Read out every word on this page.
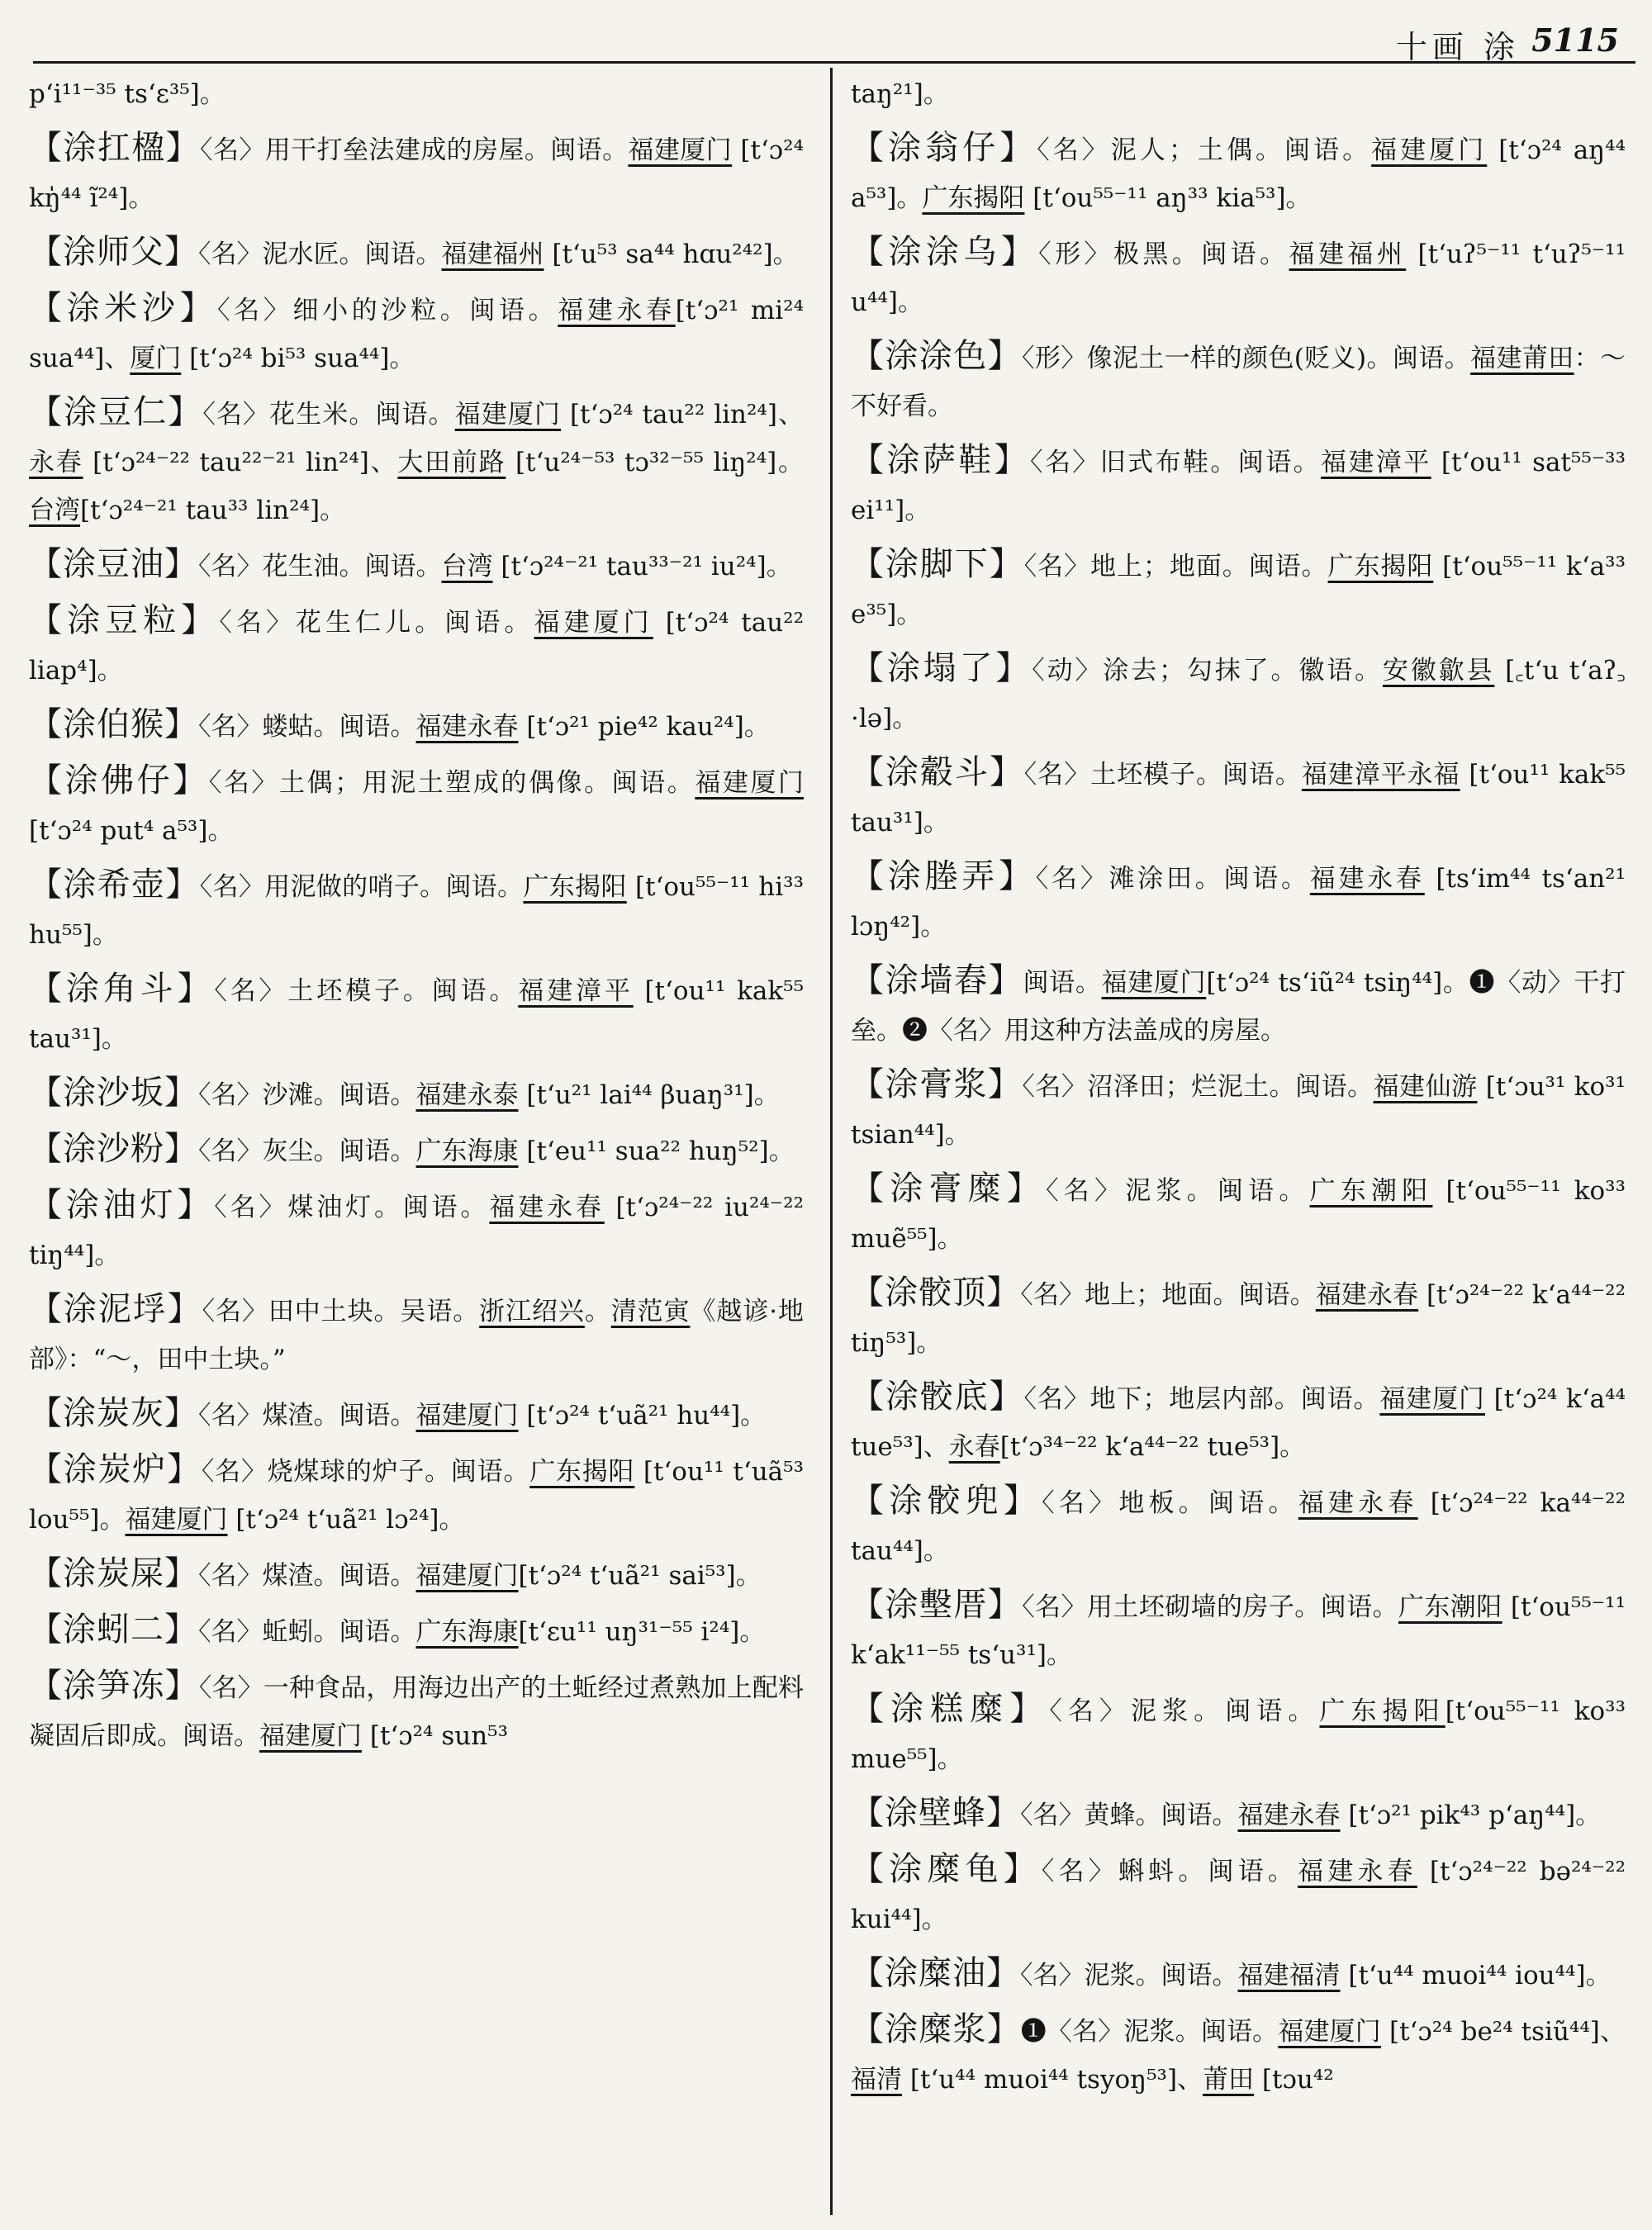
十画 涂 5115
p‘i¹¹⁻³⁵ ts‘ɛ³⁵]。
【涂扛楹】〈名〉用干打垒法建成的房屋。闽语。福建厦门 [t‘ɔ²⁴ kŋ̍⁴⁴ ĩ²⁴]。
【涂师父】〈名〉泥水匠。闽语。福建福州 [t‘u⁵³ sa⁴⁴ hɑu²⁴²]。
【涂米沙】〈名〉细小的沙粒。闽语。福建永春[t‘ɔ²¹ mi²⁴ sua⁴⁴]、厦门 [t‘ɔ²⁴ bi⁵³ sua⁴⁴]。
【涂豆仁】〈名〉花生米。闽语。福建厦门 [t‘ɔ²⁴ tau²² lin²⁴]、 永春 [t‘ɔ²⁴⁻²² tau²²⁻²¹ lin²⁴]、大田前路 [t‘u²⁴⁻⁵³ tɔ³²⁻⁵⁵ liŋ²⁴]。台湾[t‘ɔ²⁴⁻²¹ tau³³ lin²⁴]。
【涂豆油】〈名〉花生油。闽语。台湾 [t‘ɔ²⁴⁻²¹ tau³³⁻²¹ iu²⁴]。
【涂豆粒】〈名〉花生仁儿。闽语。福建厦门 [t‘ɔ²⁴ tau²² liap⁴]。
【涂伯猴】〈名〉蝼蛄。闽语。福建永春 [t‘ɔ²¹ pie⁴² kau²⁴]。
【涂佛仔】〈名〉土偶；用泥土塑成的偶像。闽语。福建厦门 [t‘ɔ²⁴ put⁴ a⁵³]。
【涂希壶】〈名〉用泥做的哨子。闽语。广东揭阳 [t‘ou⁵⁵⁻¹¹ hi³³ hu⁵⁵]。
【涂角斗】〈名〉土坯模子。闽语。福建漳平 [t‘ou¹¹ kak⁵⁵ tau³¹]。
【涂沙坂】〈名〉沙滩。闽语。福建永泰 [t‘u²¹ lai⁴⁴ βuaŋ³¹]。
【涂沙粉】〈名〉灰尘。闽语。广东海康 [t‘eu¹¹ sua²² huŋ⁵²]。
【涂油灯】〈名〉煤油灯。闽语。福建永春 [t‘ɔ²⁴⁻²² iu²⁴⁻²² tiŋ⁴⁴]。
【涂泥垺】〈名〉田中土块。吴语。浙江绍兴。清范寅《越谚·地部》：“～，田中土块。”
【涂炭灰】〈名〉煤渣。闽语。福建厦门 [t‘ɔ²⁴ t‘uã²¹ hu⁴⁴]。
【涂炭炉】〈名〉烧煤球的炉子。闽语。广东揭阳 [t‘ou¹¹ t‘uã⁵³ lou⁵⁵]。福建厦门 [t‘ɔ²⁴ t‘uã²¹ lɔ²⁴]。
【涂炭屎】〈名〉煤渣。闽语。福建厦门[t‘ɔ²⁴ t‘uã²¹ sai⁵³]。
【涂蚓二】〈名〉蚯蚓。闽语。广东海康[t‘ɛu¹¹ uŋ³¹⁻⁵⁵ i²⁴]。
【涂笋冻】〈名〉一种食品，用海边出产的土蚯经过煮熟加上配料凝固后即成。闽语。福建厦门 [t‘ɔ²⁴ sun⁵³
taŋ²¹]。
【涂翁仔】〈名〉泥人；土偶。闽语。福建厦门 [t‘ɔ²⁴ aŋ⁴⁴ a⁵³]。广东揭阳 [t‘ou⁵⁵⁻¹¹ aŋ³³ kia⁵³]。
【涂涂乌】〈形〉极黑。闽语。福建福州 [t‘uʔ⁵⁻¹¹ t‘uʔ⁵⁻¹¹ u⁴⁴]。
【涂涂色】〈形〉像泥土一样的颜色(贬义)。闽语。福建莆田：～不好看。
【涂萨鞋】〈名〉旧式布鞋。闽语。福建漳平 [t‘ou¹¹ sat⁵⁵⁻³³ ei¹¹]。
【涂脚下】〈名〉地上；地面。闽语。广东揭阳 [t‘ou⁵⁵⁻¹¹ k‘a³³ e³⁵]。
【涂塌了】〈动〉涂去；勾抹了。徽语。安徽歙县 [꜀t‘u t‘aʔ꜆ ·lə]。
【涂觳斗】〈名〉土坯模子。闽语。福建漳平永福 [t‘ou¹¹ kak⁵⁵ tau³¹]。
【涂塍弄】〈名〉滩涂田。闽语。福建永春 [ts‘im⁴⁴ ts‘an²¹ lɔŋ⁴²]。
【涂墙舂】闽语。福建厦门[t‘ɔ²⁴ ts‘iũ²⁴ tsiŋ⁴⁴]。❶〈动〉干打垒。❷〈名〉用这种方法盖成的房屋。
【涂膏浆】〈名〉沼泽田；烂泥土。闽语。福建仙游 [t‘ɔu³¹ ko³¹ tsian⁴⁴]。
【涂膏糜】〈名〉泥浆。闽语。广东潮阳 [t‘ou⁵⁵⁻¹¹ ko³³ muẽ⁵⁵]。
【涂骹顶】〈名〉地上；地面。闽语。福建永春 [t‘ɔ²⁴⁻²² k‘a⁴⁴⁻²² tiŋ⁵³]。
【涂骹底】〈名〉地下；地层内部。闽语。福建厦门 [t‘ɔ²⁴ k‘a⁴⁴ tue⁵³]、永春[t‘ɔ³⁴⁻²² k‘a⁴⁴⁻²² tue⁵³]。
【涂骹兜】〈名〉地板。闽语。福建永春 [t‘ɔ²⁴⁻²² ka⁴⁴⁻²² tau⁴⁴]。
【涂墼厝】〈名〉用土坯砌墙的房子。闽语。广东潮阳 [t‘ou⁵⁵⁻¹¹ k‘ak¹¹⁻⁵⁵ ts‘u³¹]。
【涂糕糜】〈名〉泥浆。闽语。广东揭阳[t‘ou⁵⁵⁻¹¹ ko³³ mue⁵⁵]。
【涂壁蜂】〈名〉黄蜂。闽语。福建永春 [t‘ɔ²¹ pik⁴³ p‘aŋ⁴⁴]。
【涂糜龟】〈名〉蝌蚪。闽语。福建永春 [t‘ɔ²⁴⁻²² bə²⁴⁻²² kui⁴⁴]。
【涂糜油】〈名〉泥浆。闽语。福建福清 [t‘u⁴⁴ muoi⁴⁴ iou⁴⁴]。
【涂糜浆】❶〈名〉泥浆。闽语。福建厦门 [t‘ɔ²⁴ be²⁴ tsiũ⁴⁴]、福清 [t‘u⁴⁴ muoi⁴⁴ tsyoŋ⁵³]、莆田 [tɔu⁴²
